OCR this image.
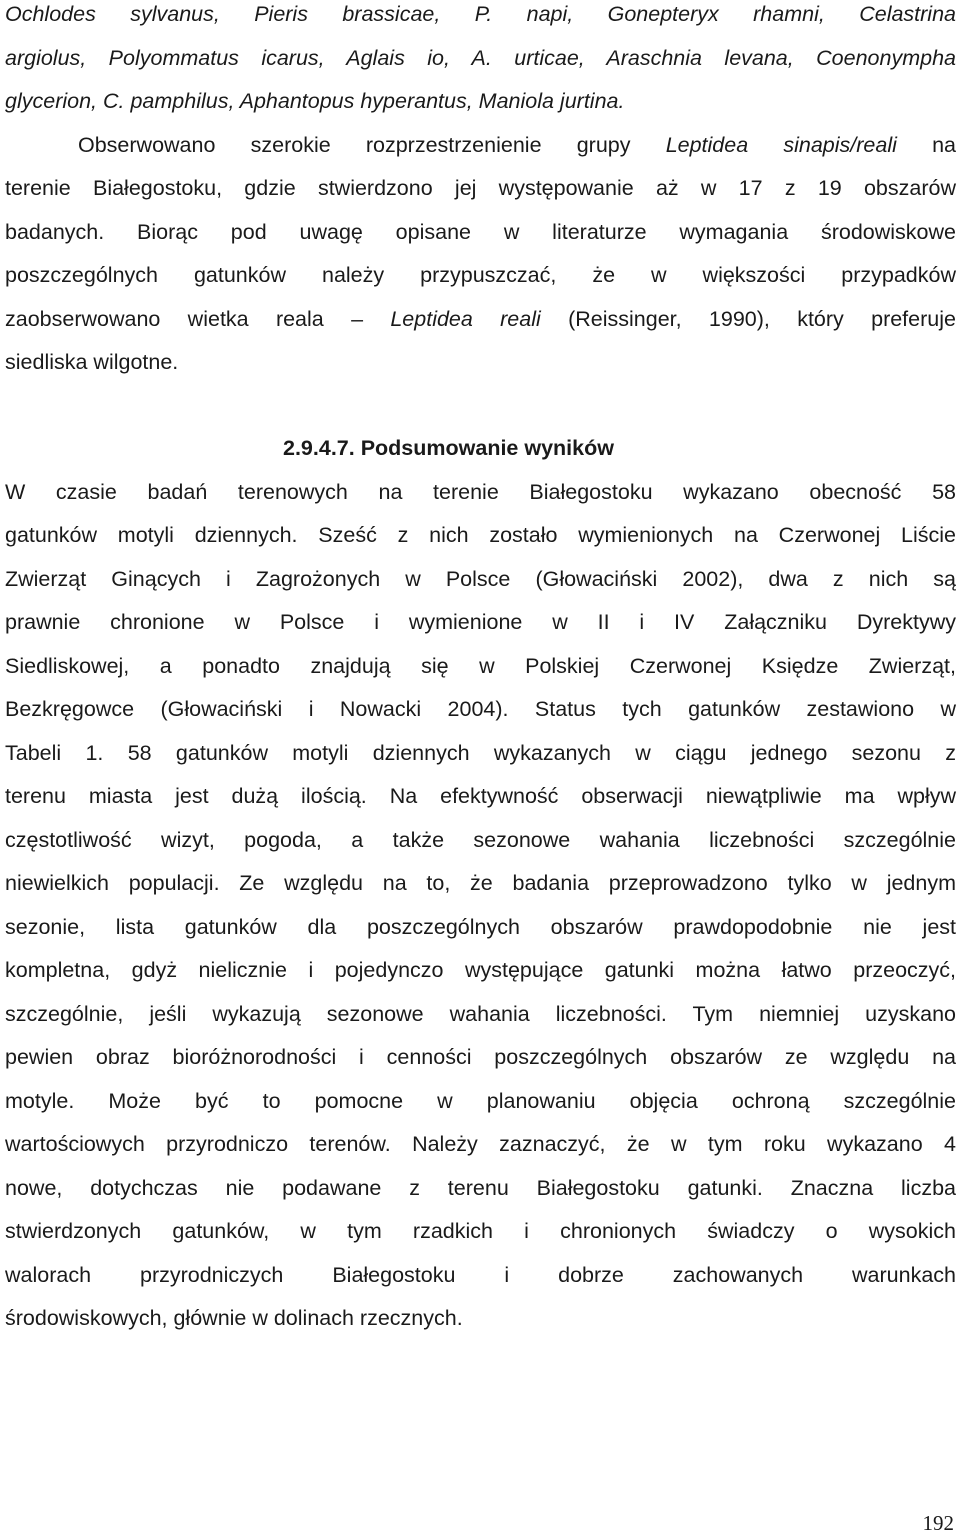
Ochlodes sylvanus, Pieris brassicae, P. napi, Gonepteryx rhamni, Celastrina
argiolus, Polyommatus icarus, Aglais io, A. urticae, Araschnia levana, Coenonympha
glycerion, C. pamphilus, Aphantopus hyperantus, Maniola jurtina.
Obserwowano szerokie rozprzestrzenienie grupy Leptidea sinapis/reali na
terenie Białegostoku, gdzie stwierdzono jej występowanie aż w 17 z 19 obszarów
badanych. Biorąc pod uwagę opisane w literaturze wymagania środowiskowe
poszczególnych gatunków należy przypuszczać, że w większości przypadków
zaobserwowano wietka reala – Leptidea reali (Reissinger, 1990), który preferuje
siedliska wilgotne.
2.9.4.7. Podsumowanie wyników
W czasie badań terenowych na terenie Białegostoku wykazano obecność 58
gatunków motyli dziennych. Sześć z nich zostało wymienionych na Czerwonej Liście
Zwierząt Ginących i Zagrożonych w Polsce (Głowaciński 2002), dwa z nich są
prawnie chronione w Polsce i wymienione w II i IV Załączniku Dyrektywy
Siedliskowej, a ponadto znajdują się w Polskiej Czerwonej Księdze Zwierząt,
Bezkręgowce (Głowaciński i Nowacki 2004). Status tych gatunków zestawiono w
Tabeli 1. 58 gatunków motyli dziennych wykazanych w ciągu jednego sezonu z
terenu miasta jest dużą ilością. Na efektywność obserwacji niewątpliwie ma wpływ
częstotliwość wizyt, pogoda, a także sezonowe wahania liczebności szczególnie
niewielkich populacji. Ze względu na to, że badania przeprowadzono tylko w jednym
sezonie, lista gatunków dla poszczególnych obszarów prawdopodobnie nie jest
kompletna, gdyż nielicznie i pojedynczo występujące gatunki można łatwo przeoczyć,
szczególnie, jeśli wykazują sezonowe wahania liczebności. Tym niemniej uzyskano
pewien obraz bioróżnorodności i cenności poszczególnych obszarów ze względu na
motyle. Może być to pomocne w planowaniu objęcia ochroną szczególnie
wartościowych przyrodniczo terenów. Należy zaznaczyć, że w tym roku wykazano 4
nowe, dotychczas nie podawane z terenu Białegostoku gatunki. Znaczna liczba
stwierdzonych gatunków, w tym rzadkich i chronionych świadczy o wysokich
walorach przyrodniczych Białegostoku i dobrze zachowanych warunkach
środowiskowych, głównie w dolinach rzecznych.
192
